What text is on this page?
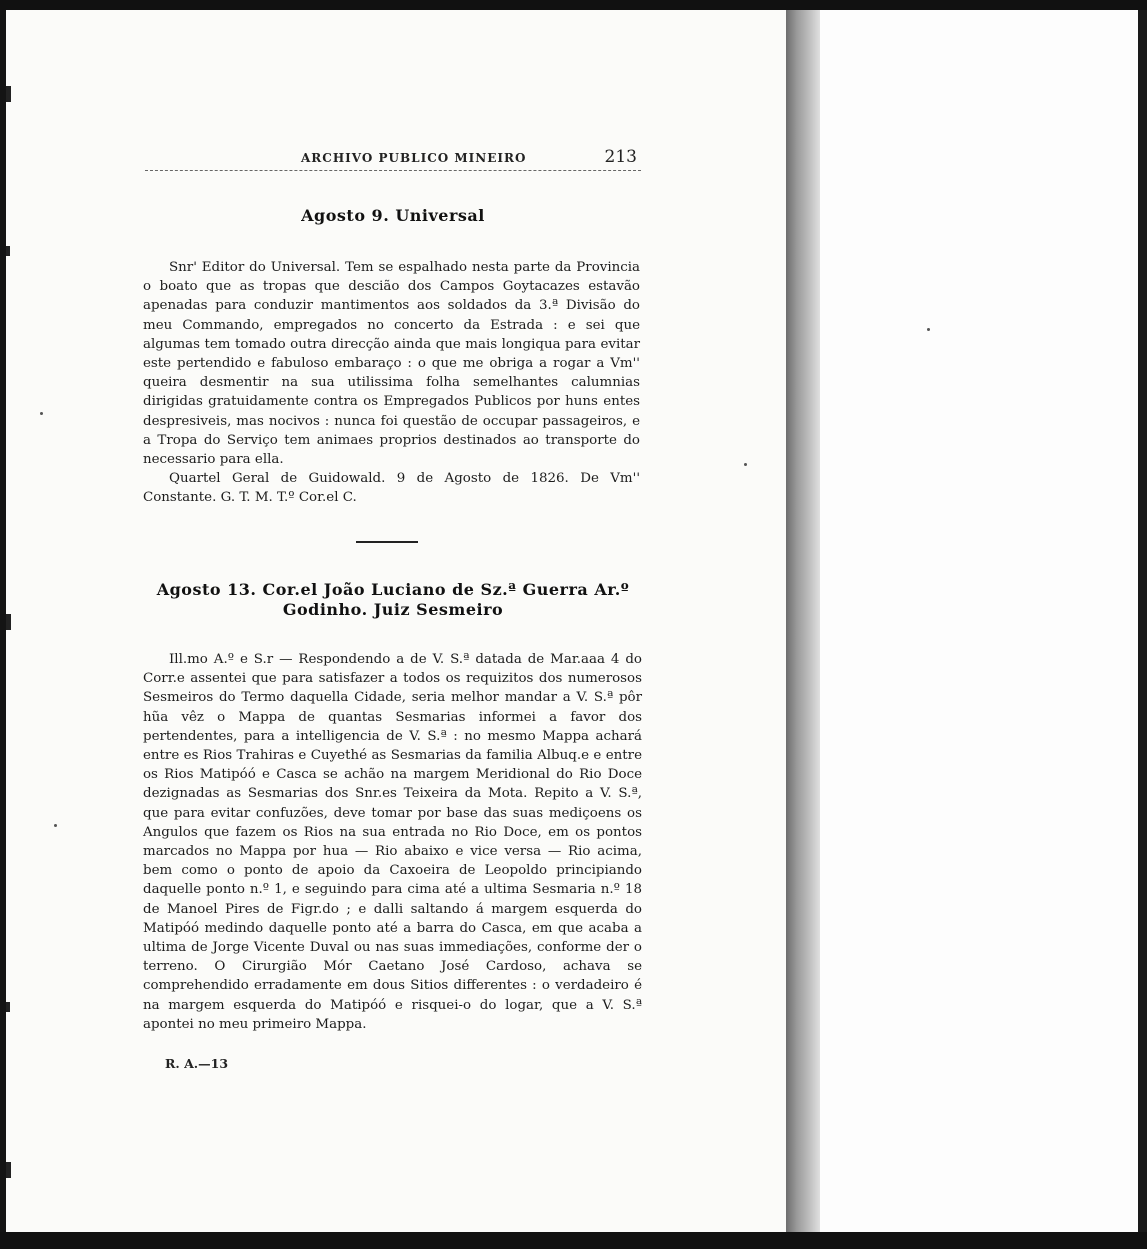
ARCHIVO PUBLICO MINEIRO	213
Agosto 9. Universal

Snr' Editor do Universal. Tem se espalhado nesta parte da Provincia o boato que as tropas que descião dos Campos Goytacazes estavão apenadas para conduzir mantimentos aos soldados da 3.ª Divisão do meu Commando, empregados no concerto da Estrada : e sei que algumas tem tomado outra direcção ainda que mais longiqua para evitar este pertendido e fabuloso embaraço : o que me obriga a rogar a Vm'' queira desmentir na sua utilissima folha semelhantes calumnias dirigidas gratuidamente contra os Empregados Publicos por huns entes despresiveis, mas nocivos : nunca foi questão de occupar passageiros, e a Tropa do Serviço tem animaes proprios destinados ao transporte do necessario para ella.

Quartel Geral de Guidowald. 9 de Agosto de 1826. De Vm'' Constante. G. T. M. T.º Cor.el C.

Agosto 13. Cor.el João Luciano de Sz.ª Guerra Ar.º
Godinho. Juiz Sesmeiro

Ill.mo A.º e S.r — Respondendo a de V. S.ª datada de Mar.aaa 4 do Corr.e assentei que para satisfazer a todos os requizitos dos numerosos Sesmeiros do Termo daquella Cidade, seria melhor mandar a V. S.ª pôr hũa vêz o Mappa de quantas Sesmarias informei a favor dos pertendentes, para a intelligencia de V. S.ª : no mesmo Mappa achará entre es Rios Trahiras e Cuyethé as Sesmarias da familia Albuq.e e entre os Rios Matipóó e Casca se achão na margem Meridional do Rio Doce dezignadas as Sesmarias dos Snr.es Teixeira da Mota. Repito a V. S.ª, que para evitar confuzões, deve tomar por base das suas mediçoens os Angulos que fazem os Rios na sua entrada no Rio Doce, em os pontos marcados no Mappa por hua — Rio abaixo e vice versa — Rio acima, bem como o ponto de apoio da Caxoeira de Leopoldo principiando daquelle ponto n.º 1, e seguindo para cima até a ultima Sesmaria n.º 18 de Manoel Pires de Figr.do ; e dalli saltando á margem esquerda do Matipóó medindo daquelle ponto até a barra do Casca, em que acaba a ultima de Jorge Vicente Duval ou nas suas immediações, conforme der o terreno. O Cirurgião Mór Caetano José Cardoso, achava se comprehendido erradamente em dous Sitios differentes : o verdadeiro é na margem esquerda do Matipóó e risquei-o do logar, que a V. S.ª apontei no meu primeiro Mappa.

R. A.—13
